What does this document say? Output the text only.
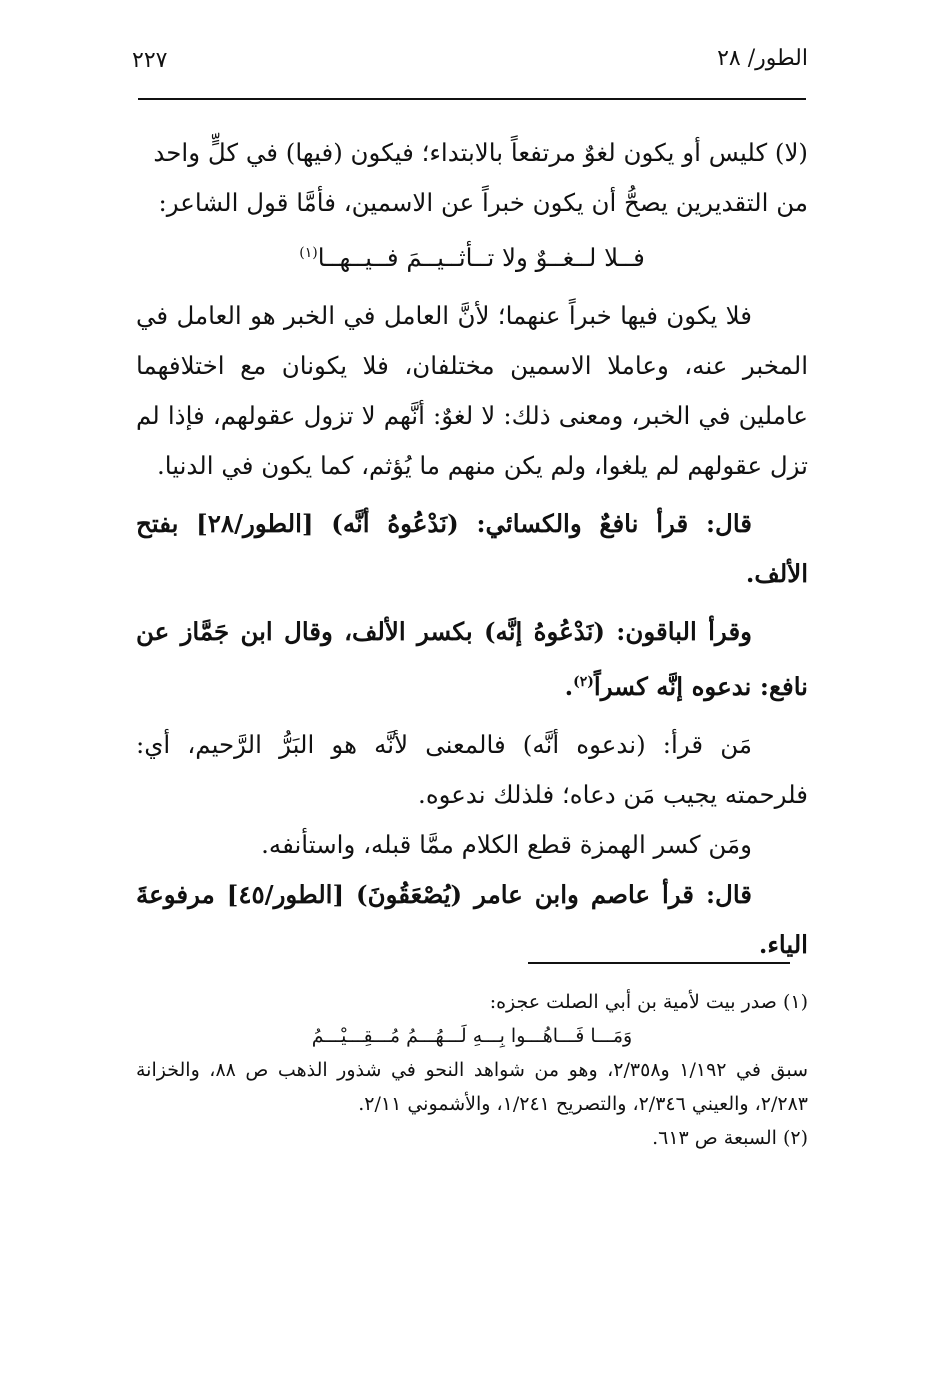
الطور/ ٢٨
٢٢٧

(لا) كليس أو يكون لغوٌ مرتفعاً بالابتداء؛ فيكون (فيها) في كلٍّ واحد

من التقديرين يصحُّ أن يكون خبراً عن الاسمين، فأمَّا قول الشاعر:

فــلا لــغــوٌ ولا تــأثــيــمَ فــيــهــا$^{(١)}$

فلا يكون فيها خبراً عنهما؛ لأنَّ العامل في الخبر هو العامل في المخبر عنه، وعاملا الاسمين مختلفان، فلا يكونان مع اختلافهما عاملين في الخبر، ومعنى ذلك: لا لغوٌ: أنَّهم لا تزول عقولهم، فإذا لم تزل عقولهم لم يلغوا، ولم يكن منهم ما يُؤثم، كما يكون في الدنيا.

قال: قرأ نافعٌ والكسائي: (نَدْعُوهُ أنَّه) [الطور/٢٨] بفتح الألف.

وقرأ الباقون: (نَدْعُوهُ إنَّه) بكسر الألف، وقال ابن جَمَّاز عن نافع: ندعوه إنَّه كسراً$^{(٢)}$.

مَن قرأ: (ندعوه أنَّه) فالمعنى لأنَّه هو البَرُّ الرَّحيم، أي: فلرحمته يجيب مَن دعاه؛ فلذلك ندعوه.

ومَن كسر الهمزة قطع الكلام ممَّا قبله، واستأنفه.

قال: قرأ عاصم وابن عامر (يُصْعَقُونَ) [الطور/٤٥] مرفوعةَ الياء.

(١) صدر بيت لأمية بن أبي الصلت عجزه:

وَمَـــا فَـــاهُـــوا بِـــهِ لَـــهُـــمُ مُـــقِـــيْـــمُ

سبق في ١/١٩٢ و٢/٣٥٨، وهو من شواهد النحو في شذور الذهب ص ٨٨، والخزانة ٢/٢٨٣، والعيني ٢/٣٤٦، والتصريح ١/٢٤١، والأشموني ٢/١١.

(٢) السبعة ص ٦١٣.
